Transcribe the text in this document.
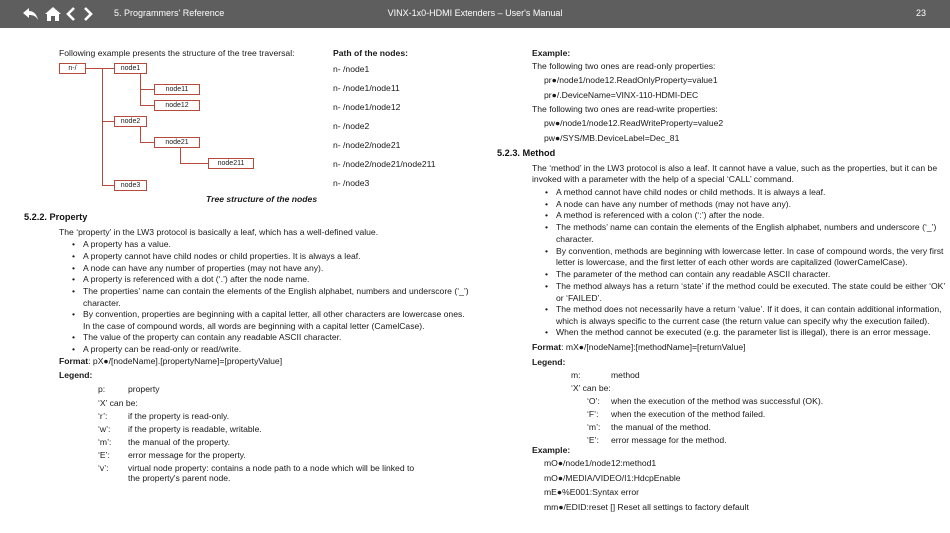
5. Programmers' Reference	VINX-1x0-HDMI Extenders – User's Manual	23
Following example presents the structure of the tree traversal:
n-/	node1
node11
node12
node2
node21
node211
node3
Tree structure of the nodes
Path of the nodes:
n- /node1
n- /node1/node11
n- /node1/node12
n- /node2
n- /node2/node21
n- /node2/node21/node211
n- /node3
5.2.2. Property
The ‘property’ in the LW3 protocol is basically a leaf, which has a well-defined value.
• A property has a value.
• A property cannot have child nodes or child properties. It is always a leaf.
• A node can have any number of properties (may not have any).
• A property is referenced with a dot (‘.’) after the node name.
• The properties’ name can contain the elements of the English alphabet, numbers and underscore (‘_’)
character.
• By convention, properties are beginning with a capital letter, all other characters are lowercase ones.
In the case of compound words, all words are beginning with a capital letter (CamelCase).
• The value of the property can contain any readable ASCII character.
• A property can be read-only or read/write.
Format: pX●/[nodeName].[propertyName]=[propertyValue]
Legend:
p:	property
‘X’ can be:
‘r’: if the property is read-only.
‘w’: if the property is readable, writable.
‘m’: the manual of the property.
‘E’: error message for the property.
‘v’: virtual node property: contains a node path to a node which will be linked to
the property's parent node.
Example:
The following two ones are read-only properties:
pr●/node1/node12.ReadOnlyProperty=value1
pr●/.DeviceName=VINX-110-HDMI-DEC
The following two ones are read-write properties:
pw●/node1/node12.ReadWriteProperty=value2
pw●/SYS/MB.DeviceLabel=Dec_81
5.2.3. Method
The ‘method’ in the LW3 protocol is also a leaf. It cannot have a value, such as the properties, but it can be
invoked with a parameter with the help of a special ‘CALL’ command.
• A method cannot have child nodes or child methods. It is always a leaf.
• A node can have any number of methods (may not have any).
• A method is referenced with a colon (‘:’) after the node.
• The methods’ name can contain the elements of the English alphabet, numbers and underscore (‘_’)
character.
• By convention, methods are beginning with lowercase letter. In case of compound words, the very first
letter is lowercase, and the first letter of each other words are capitalized (lowerCamelCase).
• The parameter of the method can contain any readable ASCII character.
• The method always has a return ‘state’ if the method could be executed. The state could be either ‘OK’
or ‘FAILED’.
• The method does not necessarily have a return ‘value’. If it does, it can contain additional information,
which is always specific to the current case (the return value can specify why the execution failed).
• When the method cannot be executed (e.g. the parameter list is illegal), there is an error message.
Format: mX●/[nodeName]:[methodName]=[returnValue]
Legend:
m:	method
‘X’ can be:
‘O’: when the execution of the method was successful (OK).
‘F’: when the execution of the method failed.
‘m’: the manual of the method.
‘E’: error message for the method.
Example:
mO●/node1/node12:method1
mO●/MEDIA/VIDEO/I1:HdcpEnable
mE●%E001:Syntax error
mm●/EDID:reset [] Reset all settings to factory default
